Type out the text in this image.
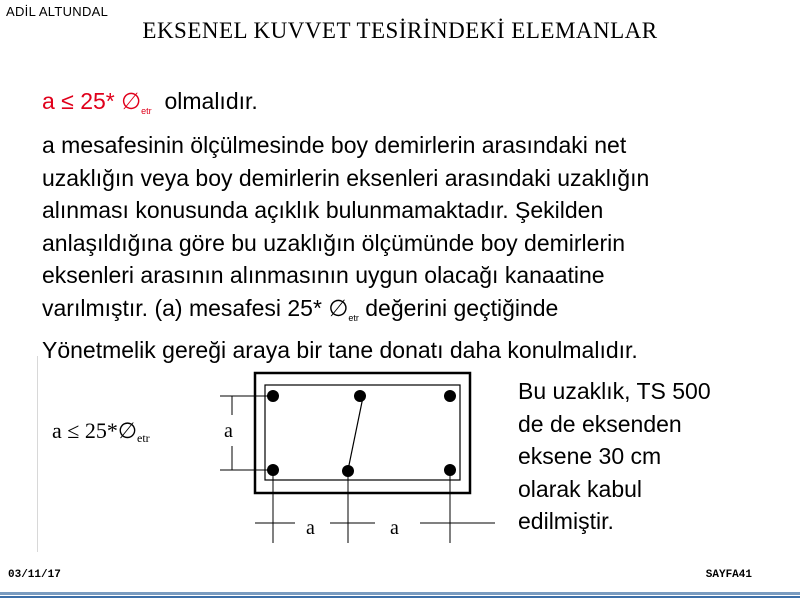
ADİL ALTUNDAL
EKSENEL KUVVET TESİRİNDEKİ ELEMANLAR
a ≤ 25* $\emptyset_{etr}$ olmalıdır.
a mesafesinin ölçülmesinde boy demirlerin arasındaki net
uzaklığın veya boy demirlerin eksenleri arasındaki uzaklığın
alınması konusunda açıklık bulunmamaktadır. Şekilden
anlaşıldığına göre bu uzaklığın ölçümünde boy demirlerin
eksenleri arasının alınmasının uygun olacağı kanaatine
varılmıştır. (a) mesafesi 25* $\emptyset_{etr}$ değerini geçtiğinde
Yönetmelik gereği araya bir tane donatı daha konulmalıdır.
a ≤ 25*∅etr	a
a	a
Bu uzaklık, TS 500
de de eksenden
eksene 30 cm
olarak kabul
edilmiştir.
03/11/17	SAYFA41
